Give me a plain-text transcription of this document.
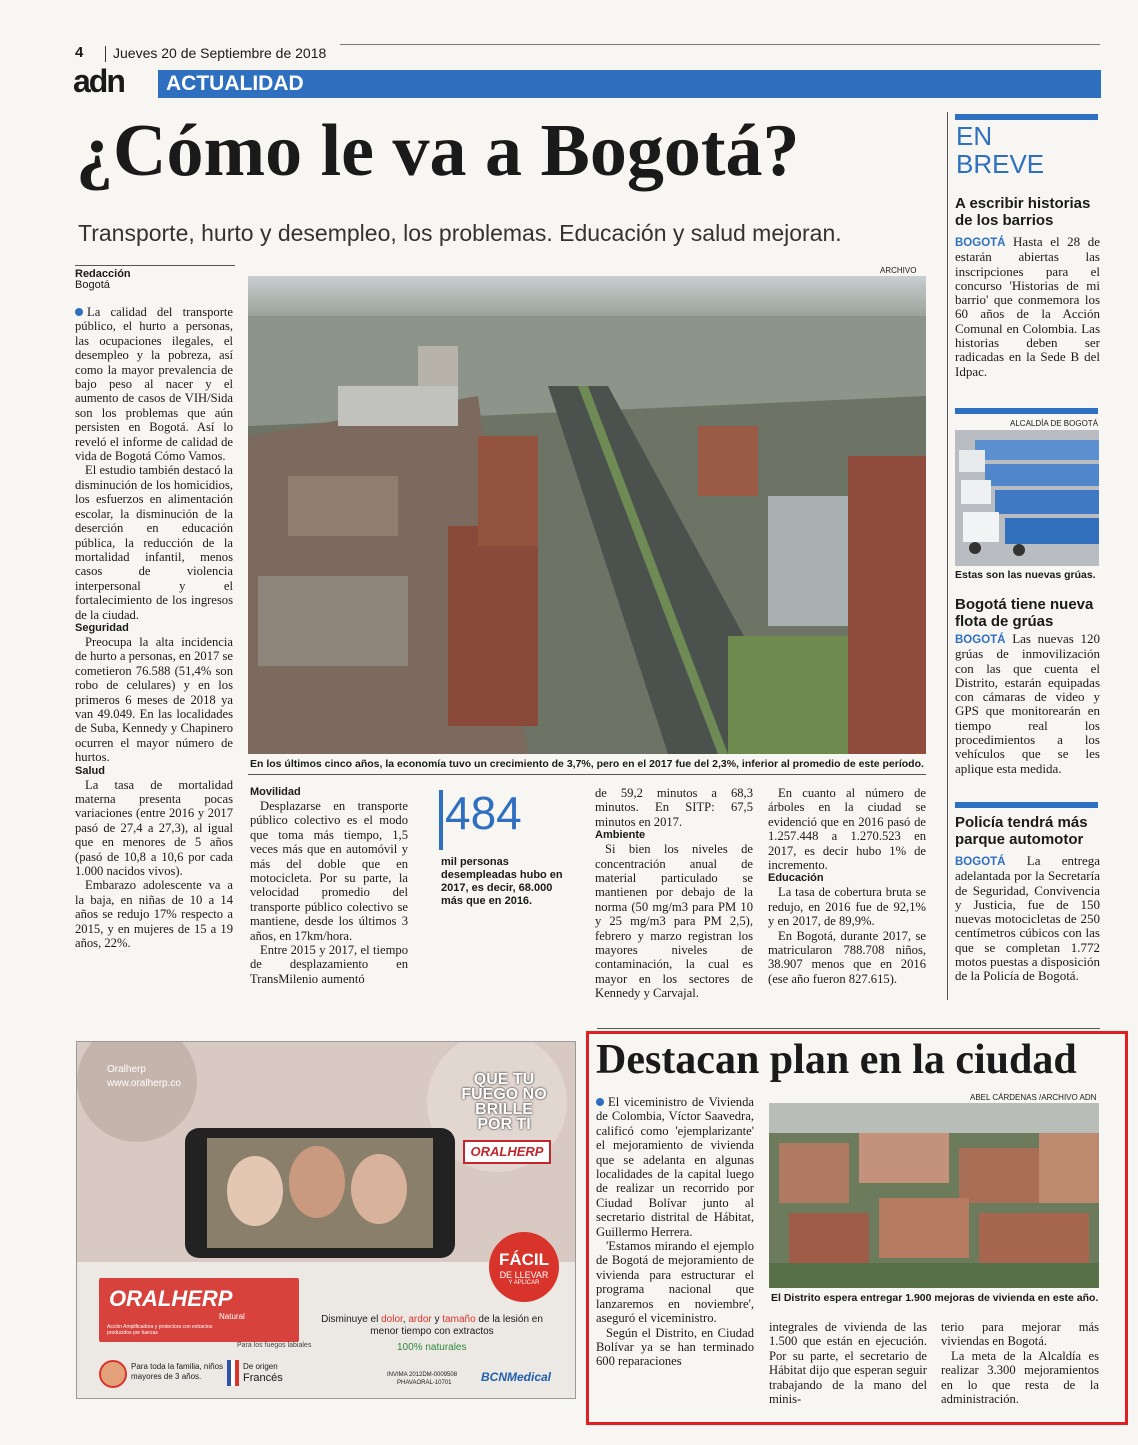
4 Jueves 20 de Septiembre de 2018
adn	ACTUALIDAD
¿Cómo le va a Bogotá?
Transporte, hurto y desempleo, los problemas. Educación y salud mejoran.
Redacción
Bogotá
ARCHIVO
En los últimos cinco años, la economía tuvo un crecimiento de 3,7%, pero en el 2017 fue del 2,3%, inferior al promedio de este período.

La calidad del transporte público, el hurto a personas, las ocupaciones ilegales, el desempleo y la pobreza, así como la mayor prevalencia de bajo peso al nacer y el aumento de casos de VIH/Sida son los problemas que aún persisten en Bogotá. Así lo reveló el informe de calidad de vida de Bogotá Cómo Vamos.

El estudio también destacó la disminución de los homicidios, los esfuerzos en alimentación escolar, la disminución de la deserción en educación pública, la reducción de la mortalidad infantil, menos casos de violencia interpersonal y el fortalecimiento de los ingresos de la ciudad.

Seguridad

Preocupa la alta incidencia de hurto a personas, en 2017 se cometieron 76.588 (51,4% son robo de celulares) y en los primeros 6 meses de 2018 ya van 49.049. En las localidades de Suba, Kennedy y Chapinero ocurren el mayor número de hurtos.

Salud

La tasa de mortalidad materna presenta pocas variaciones (entre 2016 y 2017 pasó de 27,4 a 27,3), al igual que en menores de 5 años (pasó de 10,8 a 10,6 por cada 1.000 nacidos vivos).

Embarazo adolescente va a la baja, en niñas de 10 a 14 años se redujo 17% respecto a 2015, y en mujeres de 15 a 19 años, 22%.

Movilidad

Desplazarse en transporte público colectivo es el modo que toma más tiempo, 1,5 veces más que en automóvil y más del doble que en motocicleta. Por su parte, la velocidad promedio del transporte público colectivo se mantiene, desde los últimos 3 años, en 17km/hora.

Entre 2015 y 2017, el tiempo de desplazamiento en TransMilenio aumentó

484
mil personas desempleadas hubo en 2017, es decir, 68.000 más que en 2016.

de 59,2 minutos a 68,3 minutos. En SITP: 67,5 minutos en 2017.

Ambiente

Si bien los niveles de concentración anual de material particulado se mantienen por debajo de la norma (50 mg/m3 para PM 10 y 25 mg/m3 para PM 2,5), febrero y marzo registran los mayores niveles de contaminación, la cual es mayor en los sectores de Kennedy y Carvajal.

En cuanto al número de árboles en la ciudad se evidenció que en 2016 pasó de 1.257.448 a 1.270.523 en 2017, es decir hubo 1% de incremento.

Educación

La tasa de cobertura bruta se redujo, en 2016 fue de 92,1% y en 2017, de 89,9%.

En Bogotá, durante 2017, se matricularon 788.708 niños, 38.907 menos que en 2016 (ese año fueron 827.615).

EN
BREVE
A escribir historias de los barrios

BOGOTÁ Hasta el 28 de estarán abiertas las inscripciones para el concurso 'Historias de mi barrio' que conmemora los 60 años de la Acción Comunal en Colombia. Las historias deben ser radicadas en la Sede B del Idpac.

ALCALDÍA DE BOGOTÁ
Estas son las nuevas grúas.
Bogotá tiene nueva flota de grúas

BOGOTÁ Las nuevas 120 grúas de inmovilización con las que cuenta el Distrito, estarán equipadas con cámaras de video y GPS que monitorearán en tiempo real los procedimientos a los vehículos que se les aplique esta medida.

Policía tendrá más parque automotor

BOGOTÁ La entrega adelantada por la Secretaría de Seguridad, Convivencia y Justicia, fue de 150 nuevas motocicletas de 250 centímetros cúbicos con las que se completan 1.772 motos puestas a disposición de la Policía de Bogotá.

Oralherp
www.oralherp.co	QUE TU FUEGO NO BRILLE POR TI
ORALHERP
FÁCIL
DE LLEVAR
Y APLICAR
ORALHERP
Natural
Acción Amplificadora y protectora con extractos producidos por fuerzas
Para los fuegos labiales
Disminuye el dolor, ardor y tamaño de la lesión en menor tiempo con extractos
100% naturales
Para toda la familia, niños mayores de 3 años.
De origen
Francés	INVIMA 2012DM-0009508
PHAVAORAL-10701 BCNMedical
Destacan plan en la ciudad
ABEL CÁRDENAS /ARCHIVO ADN
El Distrito espera entregar 1.900 mejoras de vivienda en este año.

El viceministro de Vivienda de Colombia, Víctor Saavedra, calificó como 'ejemplarizante' el mejoramiento de vivienda que se adelanta en algunas localidades de la capital luego de realizar un recorrido por Ciudad Bolívar junto al secretario distrital de Hábitat, Guillermo Herrera.

'Estamos mirando el ejemplo de Bogotá de mejoramiento de vivienda para estructurar el programa nacional que lanzaremos en noviembre', aseguró el viceministro.

Según el Distrito, en Ciudad Bolívar ya se han terminado 600 reparaciones

integrales de vivienda de las 1.500 que están en ejecución. Por su parte, el secretario de Hábitat dijo que esperan seguir trabajando de la mano del minis-

terio para mejorar más viviendas en Bogotá.

La meta de la Alcaldía es realizar 3.300 mejoramientos en lo que resta de la administración.
